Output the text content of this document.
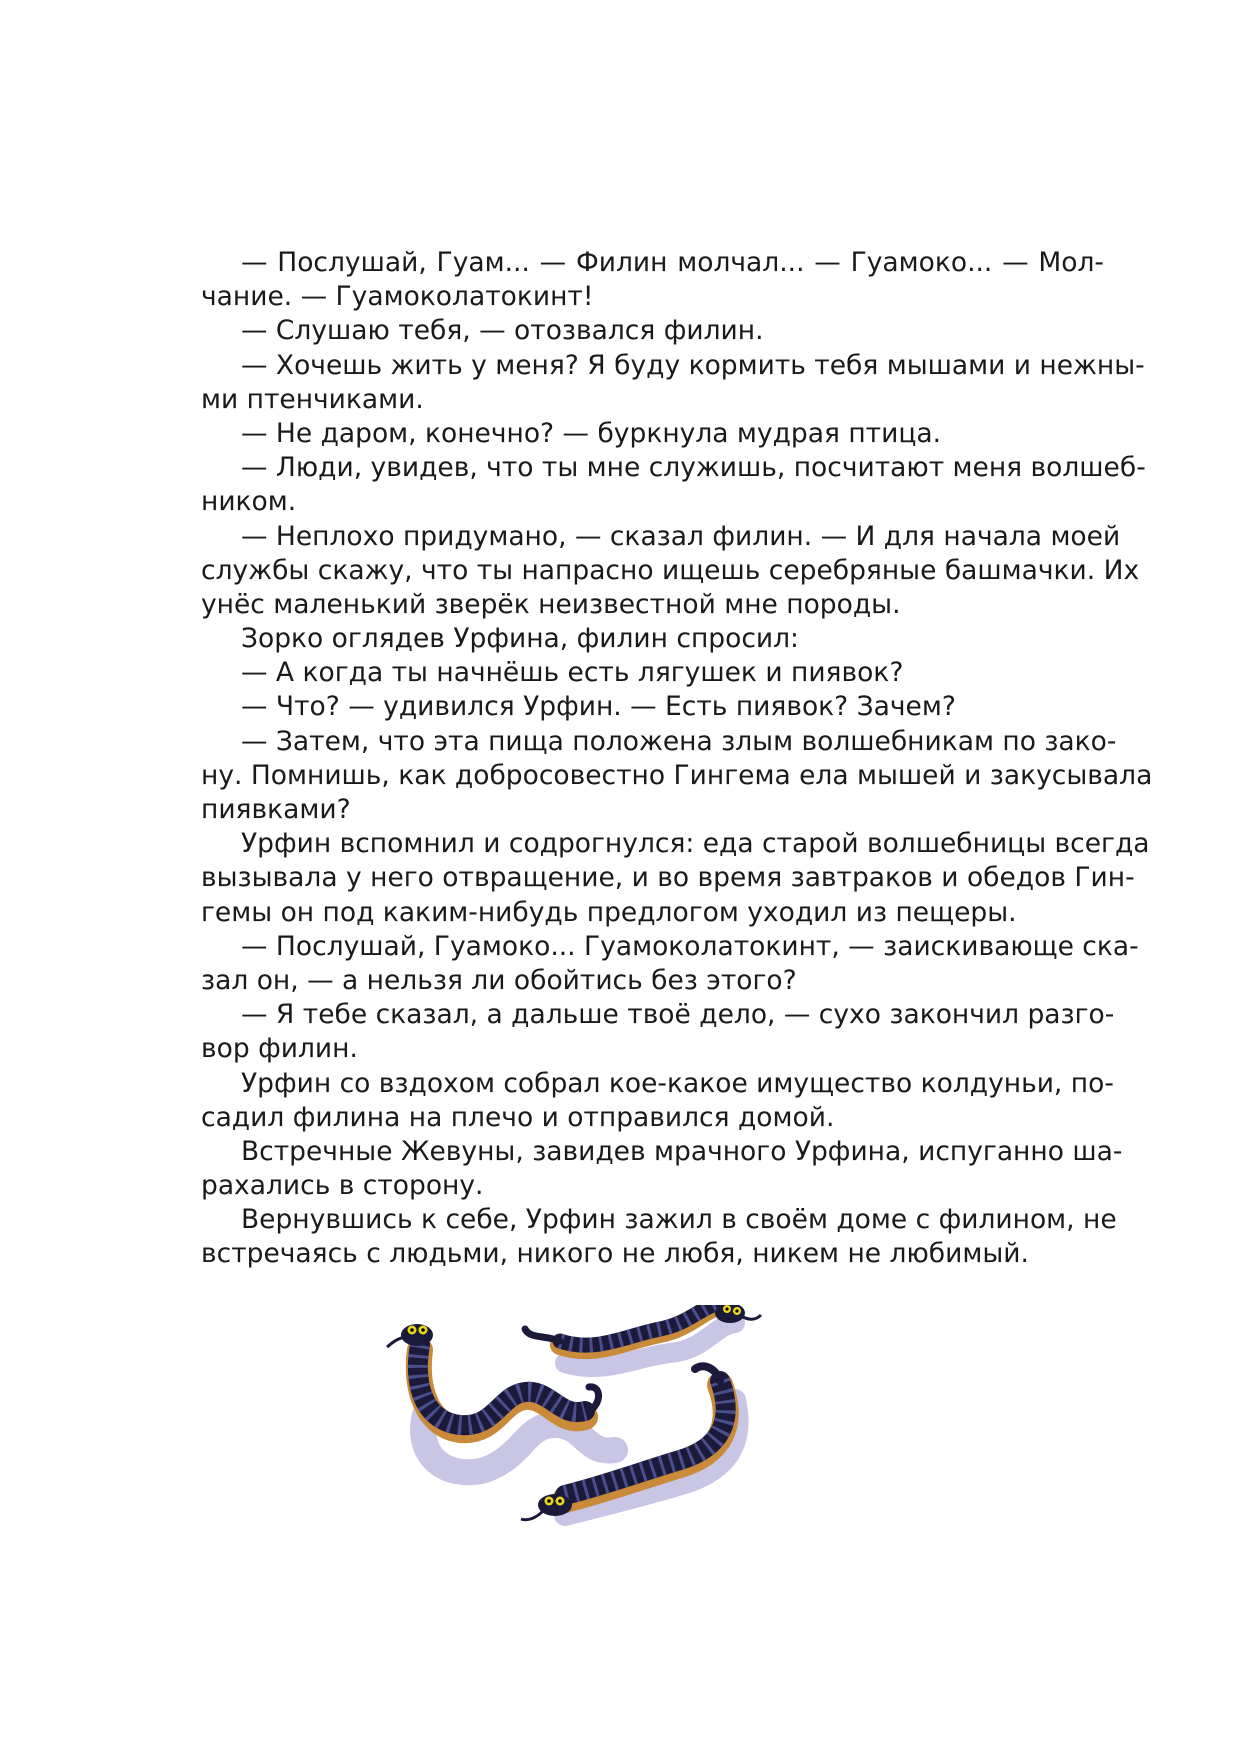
— Послушай, Гуам... — Филин молчал... — Гуамоко... — Мол-
чание. — Гуамоколатокинт!
— Слушаю тебя, — отозвался филин.
— Хочешь жить у меня? Я буду кормить тебя мышами и нежны-
ми птенчиками.
— Не даром, конечно? — буркнула мудрая птица.
— Люди, увидев, что ты мне служишь, посчитают меня волшеб-
ником.
— Неплохо придумано, — сказал филин. — И для начала моей
службы скажу, что ты напрасно ищешь серебряные башмачки. Их
унёс маленький зверёк неизвестной мне породы.
Зорко оглядев Урфина, филин спросил:
— А когда ты начнёшь есть лягушек и пиявок?
— Что? — удивился Урфин. — Есть пиявок? Зачем?
— Затем, что эта пища положена злым волшебникам по зако-
ну. Помнишь, как добросовестно Гингема ела мышей и закусывала
пиявками?
Урфин вспомнил и содрогнулся: еда старой волшебницы всегда
вызывала у него отвращение, и во время завтраков и обедов Гин-
гемы он под каким-нибудь предлогом уходил из пещеры.
— Послушай, Гуамоко... Гуамоколатокинт, — заискивающе ска-
зал он, — а нельзя ли обойтись без этого?
— Я тебе сказал, а дальше твоё дело, — сухо закончил разго-
вор филин.
Урфин со вздохом собрал кое-какое имущество колдуньи, по-
садил филина на плечо и отправился домой.
Встречные Жевуны, завидев мрачного Урфина, испуганно ша-
рахались в сторону.
Вернувшись к себе, Урфин зажил в своём доме с филином, не
встречаясь с людьми, никого не любя, никем не любимый.
